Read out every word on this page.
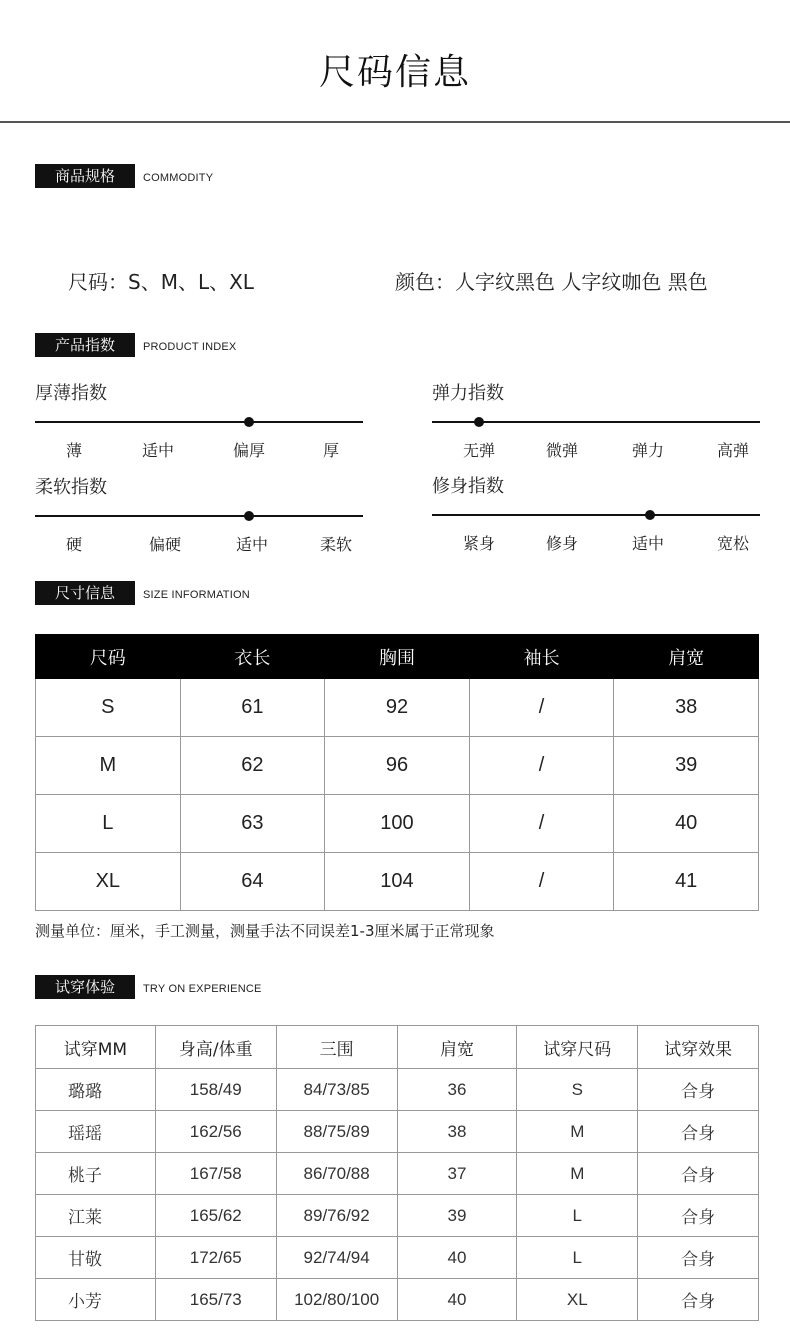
尺码信息
商品规格	COMMODITY
尺码：S、M、L、XL	颜色：人字纹黑色 人字纹咖色 黑色
产品指数	PRODUCT INDEX
厚薄指数
薄	适中	偏厚	厚
弹力指数
无弹	微弹	弹力	高弹
柔软指数
硬	偏硬	适中	柔软
修身指数
紧身	修身	适中	宽松
尺寸信息	SIZE INFORMATION
尺码	衣长	胸围	袖长	肩宽
S	61	92	/	38
M	62	96	/	39
L	63	100	/	40
XL	64	104	/	41
测量单位：厘米，手工测量，测量手法不同误差1-3厘米属于正常现象
试穿体验	TRY ON EXPERIENCE
试穿MM	身高/体重	三围	肩宽	试穿尺码	试穿效果
璐璐	158/49	84/73/85	36	S	合身
瑶瑶	162/56	88/75/89	38	M	合身
桃子	167/58	86/70/88	37	M	合身
江莱	165/62	89/76/92	39	L	合身
甘敬	172/65	92/74/94	40	L	合身
小芳	165/73	102/80/100	40	XL	合身
